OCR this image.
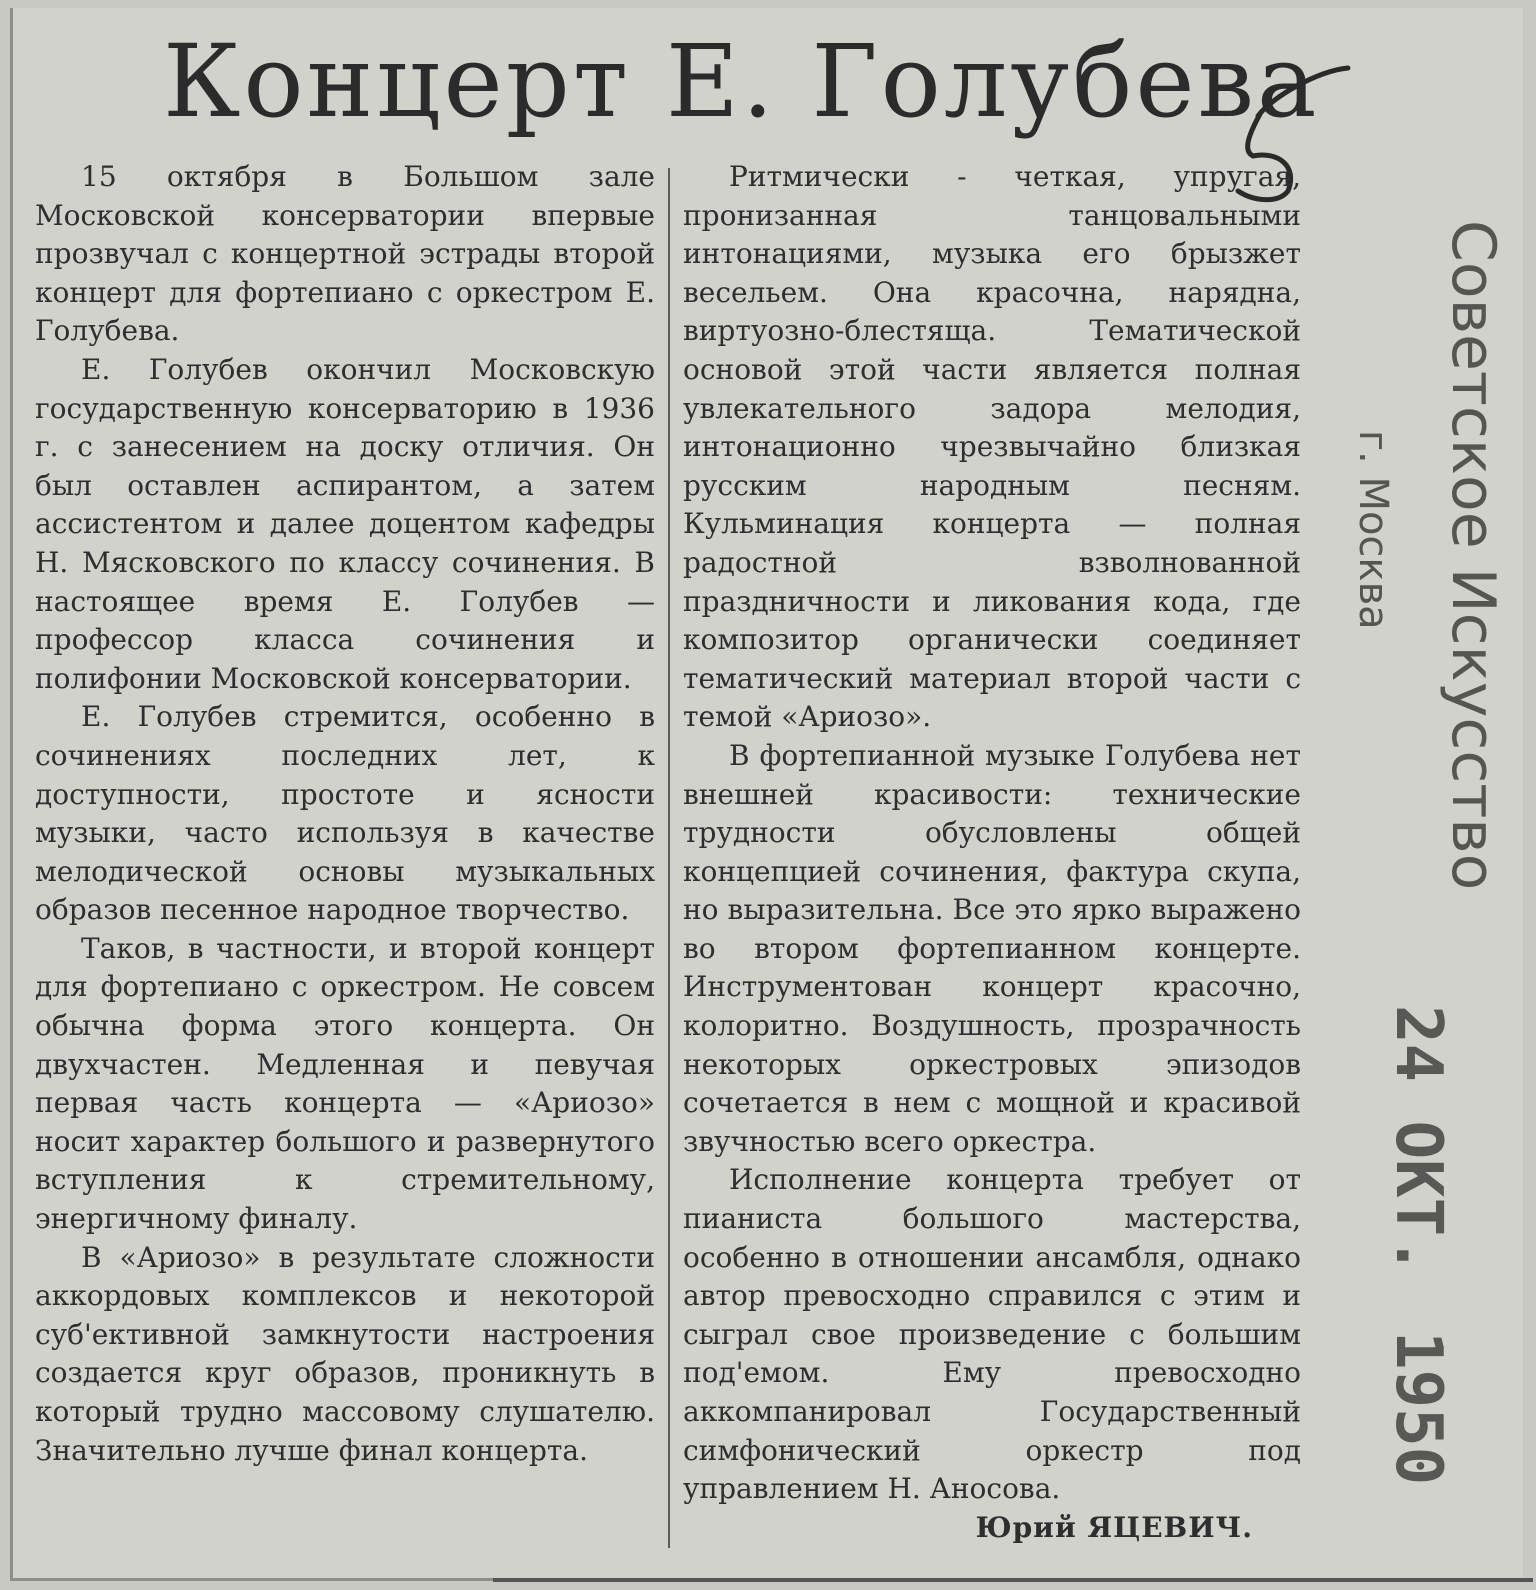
Концерт Е. Голубева

15 октября в Большом зале Московской консерватории впервые прозвучал с концертной эстрады второй концерт для фортепиано с оркестром Е. Голубева.

Е. Голубев окончил Московскую государственную консерваторию в 1936 г. с занесением на доску отличия. Он был оставлен аспирантом, а затем ассистентом и далее доцентом кафедры Н. Мясковского по классу сочинения. В настоящее время Е. Голубев — профессор класса сочинения и полифонии Московской консерватории.

Е. Голубев стремится, особенно в сочинениях последних лет, к доступности, простоте и ясности музыки, часто используя в качестве мелодической основы музыкальных образов песенное народное творчество.

Таков, в частности, и второй концерт для фортепиано с оркестром. Не совсем обычна форма этого концерта. Он двухчастен. Медленная и певучая первая часть концерта — «Ариозо» носит характер большого и развернутого вступления к стремительному, энергичному финалу.

В «Ариозо» в результате сложности аккордовых комплексов и некоторой суб'ективной замкнутости настроения создается круг образов, проникнуть в который трудно массовому слушателю. Значительно лучше финал концерта.

Ритмически - четкая, упругая, пронизанная танцовальными интонациями, музыка его брызжет весельем. Она красочна, нарядна, виртуозно-блестяща. Тематической основой этой части является полная увлекательного задора мелодия, интонационно чрезвычайно близкая русским народным песням. Кульминация концерта — полная радостной взволнованной праздничности и ликования кода, где композитор органически соединяет тематический материал второй части с темой «Ариозо».

В фортепианной музыке Голубева нет внешней красивости: технические трудности обусловлены общей концепцией сочинения, фактура скупа, но выразительна. Все это ярко выражено во втором фортепианном концерте. Инструментован концерт красочно, колоритно. Воздушность, прозрачность некоторых оркестровых эпизодов сочетается в нем с мощной и красивой звучностью всего оркестра.

Исполнение концерта требует от пианиста большого мастерства, особенно в отношении ансамбля, однако автор превосходно справился с этим и сыграл свое произведение с большим под'емом. Ему превосходно аккомпанировал Государственный симфонический оркестр под управлением Н. Аносова.

Юрий ЯЦЕВИЧ.

Советское Искусство
г. Москва
24 ОКТ. 1950
